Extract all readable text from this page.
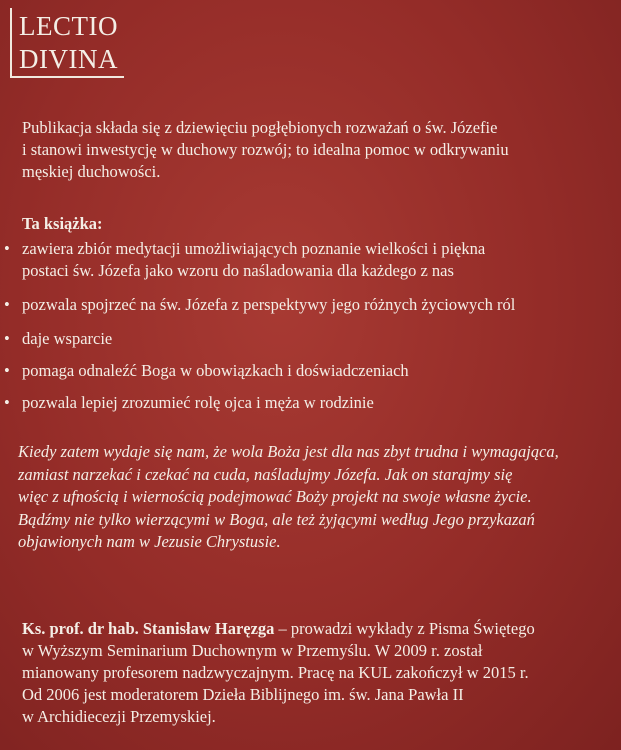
LECTIO
DIVINA

Publikacja składa się z dziewięciu pogłębionych rozważań o św. Józefie

i stanowi inwestycję w duchowy rozwój; to idealna pomoc w odkrywaniu

męskiej duchowości.

Ta książka:
• zawiera zbiór medytacji umożliwiających poznanie wielkości i piękna
postaci św. Józefa jako wzoru do naśladowania dla każdego z nas
• pozwala spojrzeć na św. Józefa z perspektywy jego różnych życiowych ról
• daje wsparcie
• pomaga odnaleźć Boga w obowiązkach i doświadczeniach
• pozwala lepiej zrozumieć rolę ojca i męża w rodzinie

Kiedy zatem wydaje się nam, że wola Boża jest dla nas zbyt trudna i wymagająca,

zamiast narzekać i czekać na cuda, naśladujmy Józefa. Jak on starajmy się

więc z ufnością i wiernością podejmować Boży projekt na swoje własne życie.

Bądźmy nie tylko wierzącymi w Boga, ale też żyjącymi według Jego przykazań

objawionych nam w Jezusie Chrystusie.

Ks. prof. dr hab. Stanisław Haręzga – prowadzi wykłady z Pisma Świętego

w Wyższym Seminarium Duchownym w Przemyślu. W 2009 r. został

mianowany profesorem nadzwyczajnym. Pracę na KUL zakończył w 2015 r.

Od 2006 jest moderatorem Dzieła Biblijnego im. św. Jana Pawła II

w Archidiecezji Przemyskiej.
